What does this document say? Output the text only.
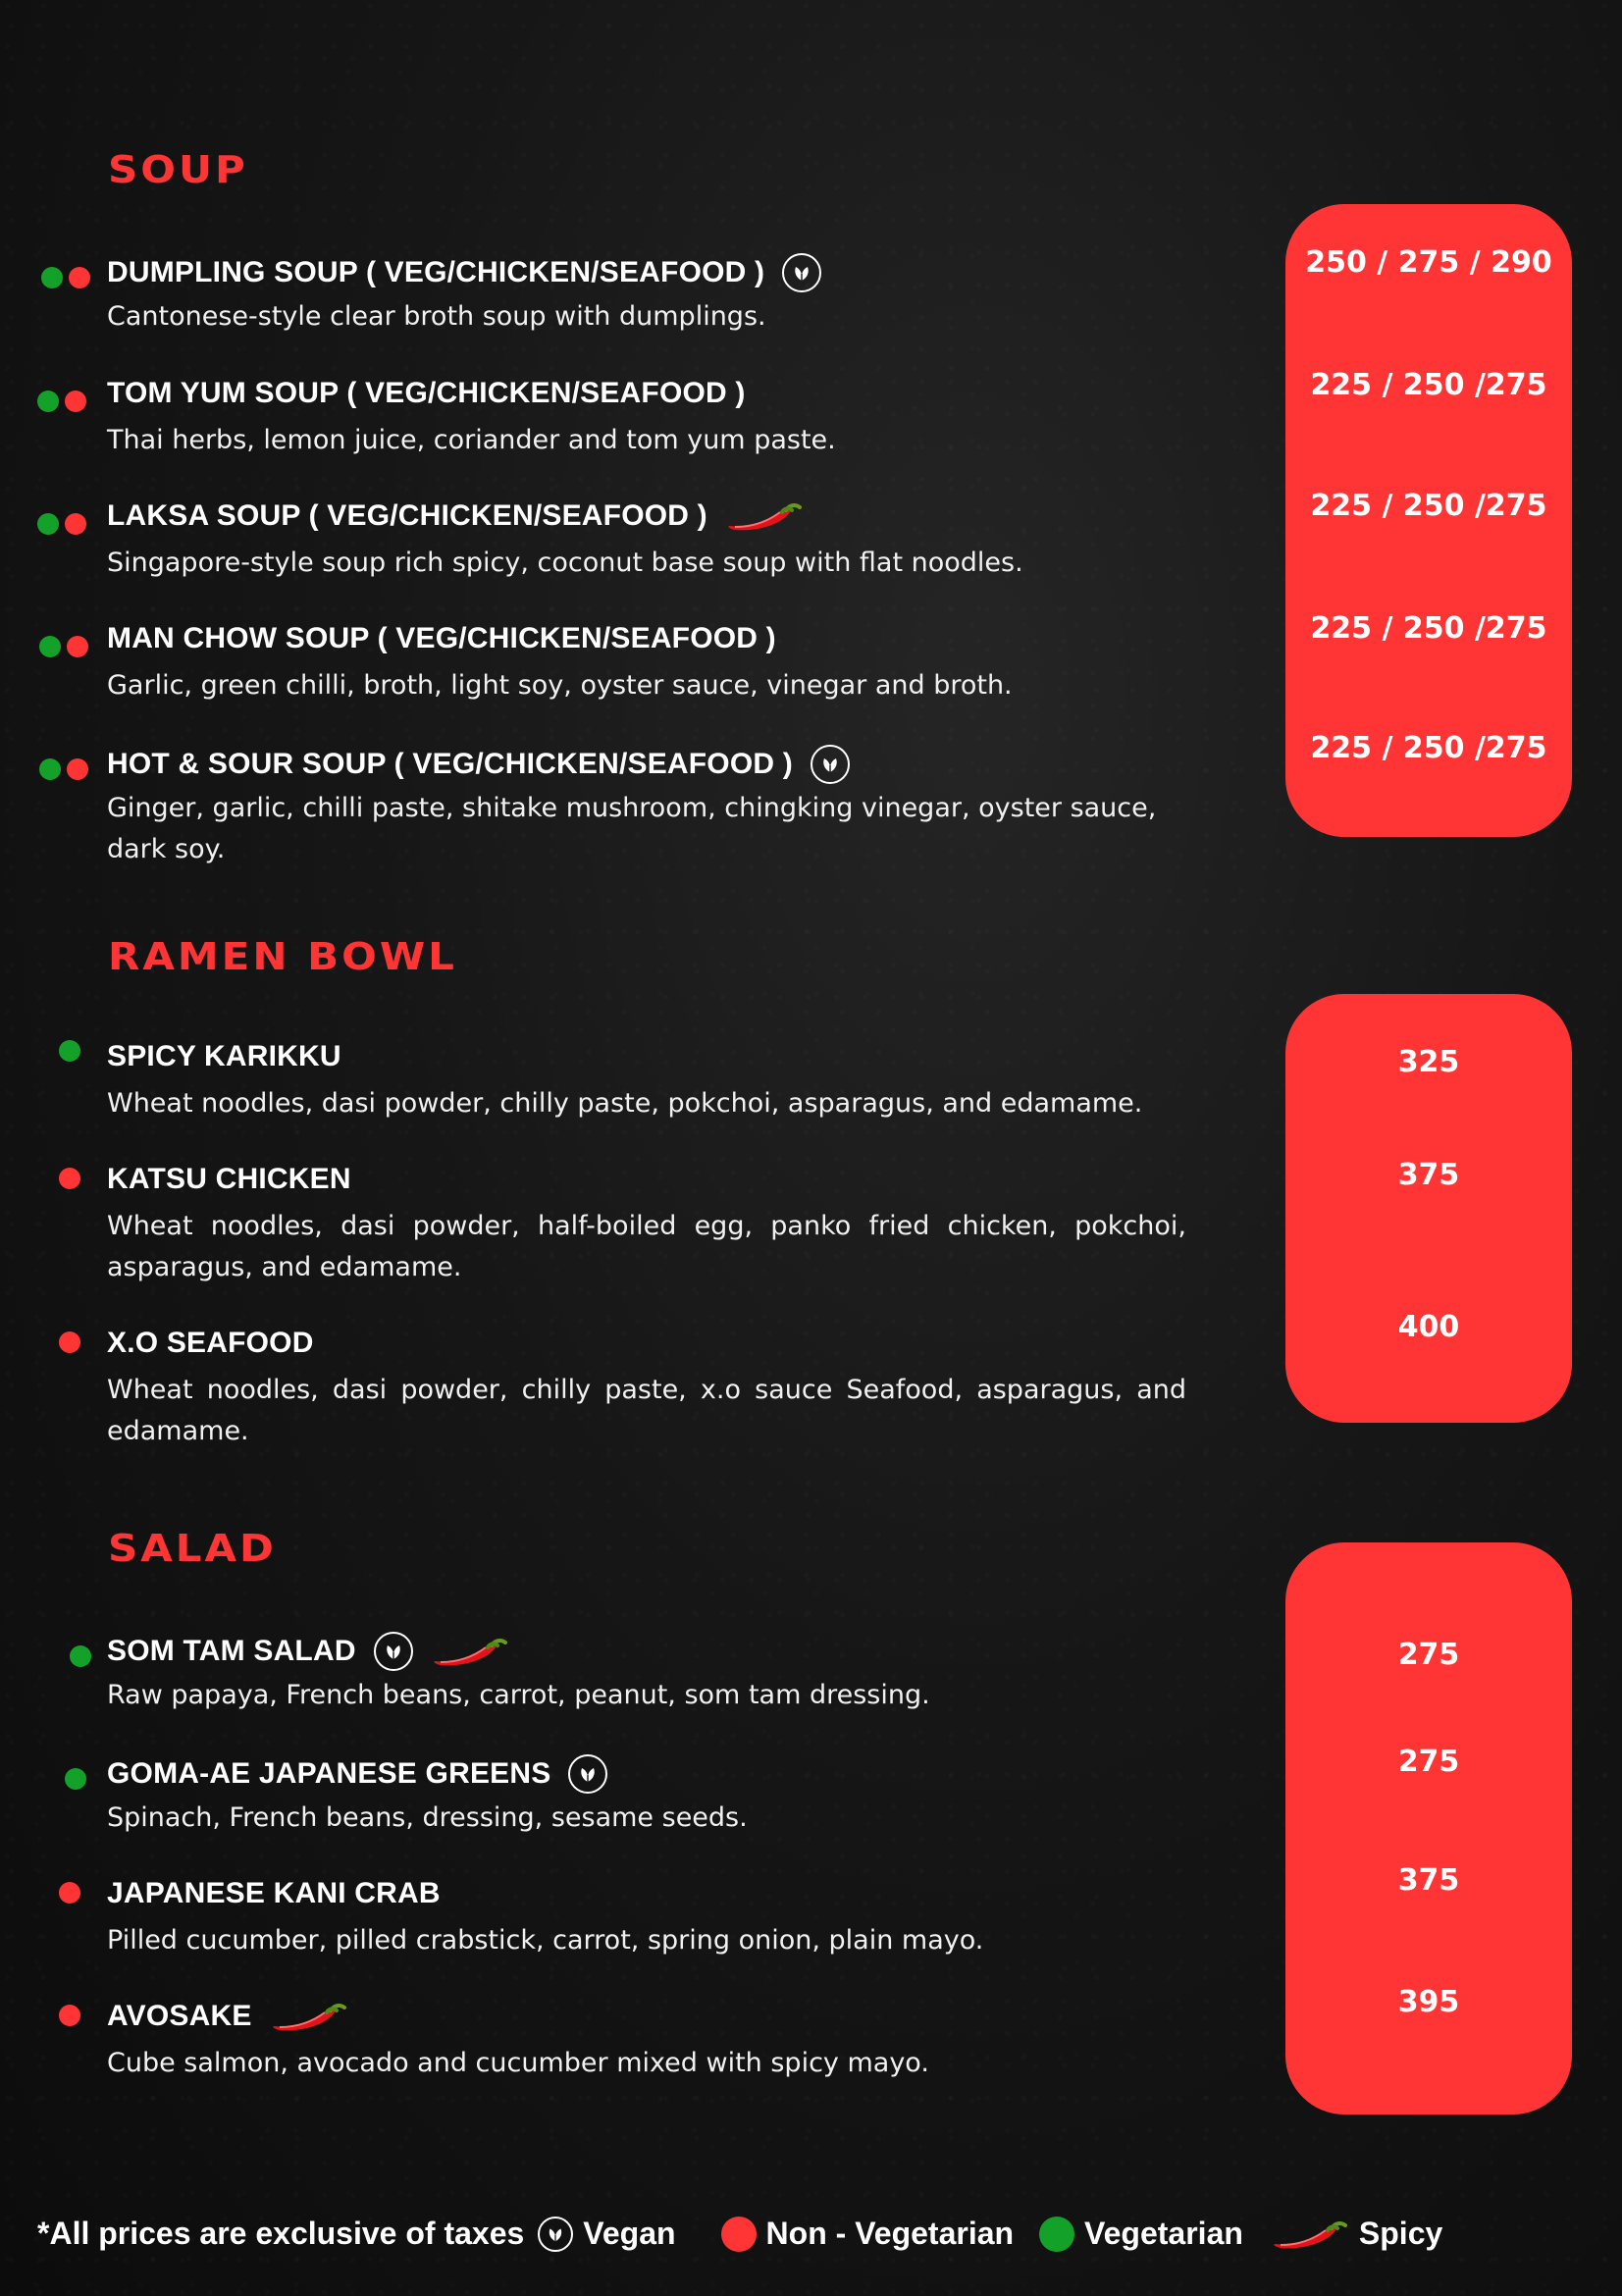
SOUP
DUMPLING SOUP ( VEG/CHICKEN/SEAFOOD )
Cantonese-style clear broth soup with dumplings.
TOM YUM SOUP ( VEG/CHICKEN/SEAFOOD )
Thai herbs, lemon juice, coriander and tom yum paste.
LAKSA SOUP ( VEG/CHICKEN/SEAFOOD )
Singapore-style soup rich spicy, coconut base soup with flat noodles.
MAN CHOW SOUP ( VEG/CHICKEN/SEAFOOD )
Garlic, green chilli, broth, light soy, oyster sauce, vinegar and broth.
HOT & SOUR SOUP ( VEG/CHICKEN/SEAFOOD )
Ginger, garlic, chilli paste, shitake mushroom, chingking vinegar, oyster sauce, dark soy.
250 / 275 / 290
225 / 250 /275
225 / 250 /275
225 / 250 /275
225 / 250 /275
RAMEN BOWL
SPICY KARIKKU
Wheat noodles, dasi powder, chilly paste, pokchoi, asparagus, and edamame.
KATSU CHICKEN
Wheat noodles, dasi powder, half-boiled egg, panko fried chicken, pokchoi, asparagus, and edamame.
X.O SEAFOOD
Wheat noodles, dasi powder, chilly paste, x.o sauce Seafood, asparagus, and edamame.
325
375
400
SALAD
SOM TAM SALAD
Raw papaya, French beans, carrot, peanut, som tam dressing.
GOMA-AE JAPANESE GREENS
Spinach, French beans, dressing, sesame seeds.
JAPANESE KANI CRAB
Pilled cucumber, pilled crabstick, carrot, spring onion, plain mayo.
AVOSAKE
Cube salmon, avocado and cucumber mixed with spicy mayo.
275
275
375
395
*All prices are exclusive of taxes Vegan	Non - Vegetarian Vegetarian	Spicy
